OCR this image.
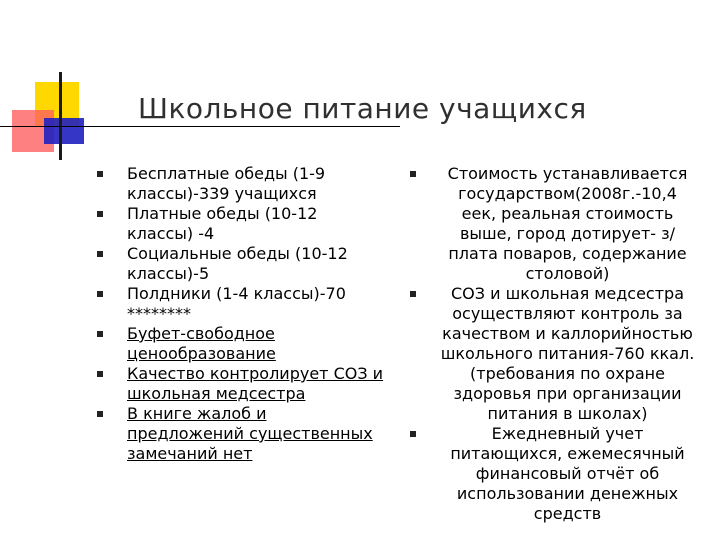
Школьное питание учащихся
Бесплатные обеды (1-9 классы)-339 учащихся
Платные обеды (10-12 классы) -4
Социальные обеды (10-12 классы)-5
Полдники (1-4 классы)-70
********
Буфет-свободное ценообразование
Качество контролирует СОЗ и школьная медсестра
В книге жалоб и предложений существенных замечаний нет
Стоимость устанавливается государством(2008г.-10,4 еек, реальная стоимость выше, город дотирует- з/плата поваров, содержание столовой)
СОЗ и школьная медсестра осуществляют контроль за качеством и каллорийностью школьного питания-760 ккал. (требования по охране здоровья при организации питания в школах)
Ежедневный учет питающихся, ежемесячный финансовый отчёт об использовании денежных средств
